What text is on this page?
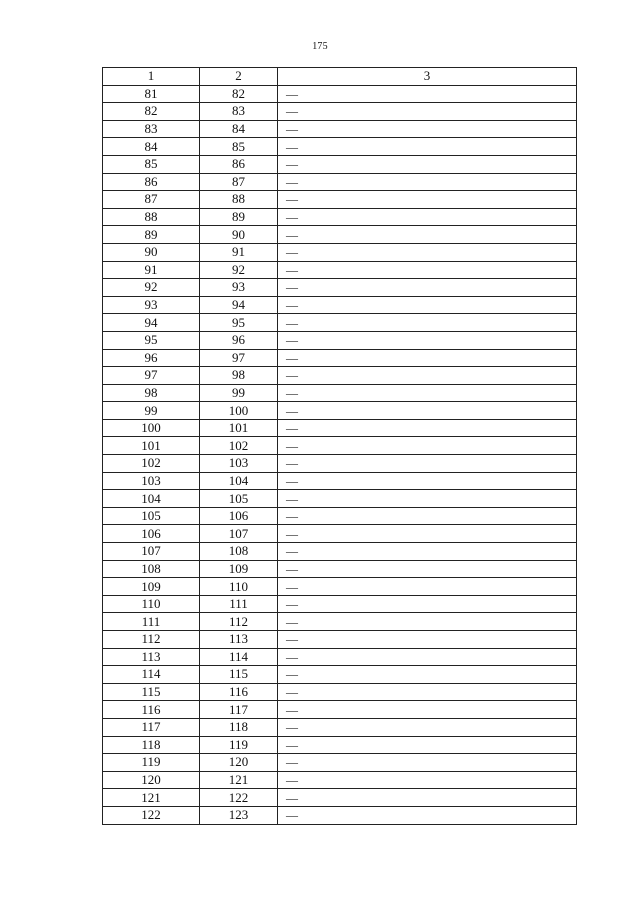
175
1	2	3
81	82	—
82	83	—
83	84	—
84	85	—
85	86	—
86	87	—
87	88	—
88	89	—
89	90	—
90	91	—
91	92	—
92	93	—
93	94	—
94	95	—
95	96	—
96	97	—
97	98	—
98	99	—
99	100	—
100	101	—
101	102	—
102	103	—
103	104	—
104	105	—
105	106	—
106	107	—
107	108	—
108	109	—
109	110	—
110	111	—
111	112	—
112	113	—
113	114	—
114	115	—
115	116	—
116	117	—
117	118	—
118	119	—
119	120	—
120	121	—
121	122	—
122	123	—
